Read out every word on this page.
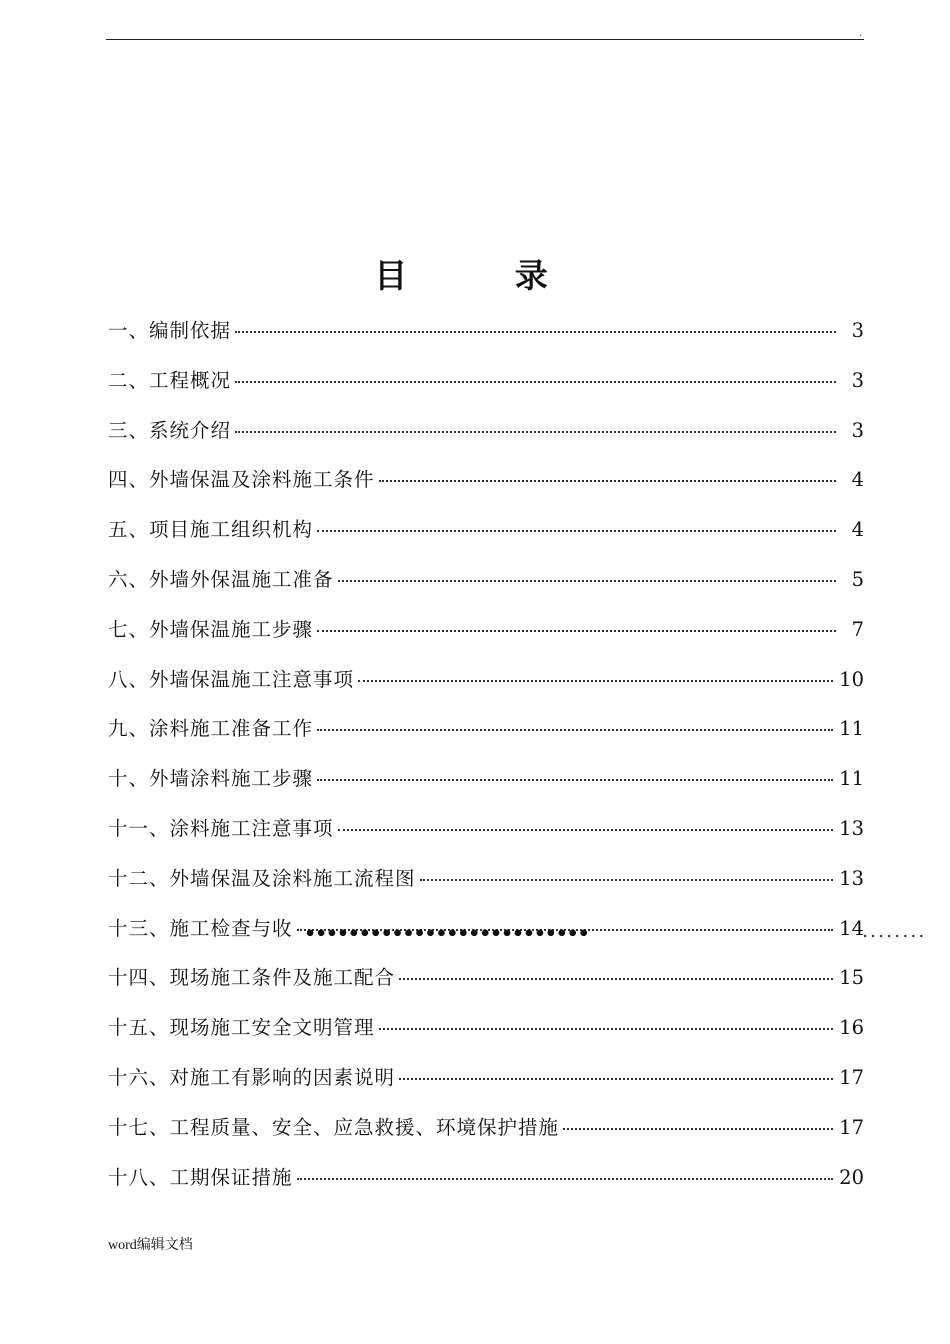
.
目 录
一、编制依据	3
二、工程概况	3
三、系统介绍	3
四、外墙保温及涂料施工条件	4
五、项目施工组织机构	4
六、外墙外保温施工准备	5
七、外墙保温施工步骤	7
八、外墙保温施工注意事项	10
九、涂料施工准备工作	11
十、外墙涂料施工步骤	11
十一、涂料施工注意事项	13
十二、外墙保温及涂料施工流程图	13
十三、施工检查与收	14
十四、现场施工条件及施工配合	15
十五、现场施工安全文明管理	16
十六、对施工有影响的因素说明	17
十七、工程质量、安全、应急救援、环境保护措施	17
十八、工期保证措施	20
••••••••••••••••••••••••••	........
word编辑文档
